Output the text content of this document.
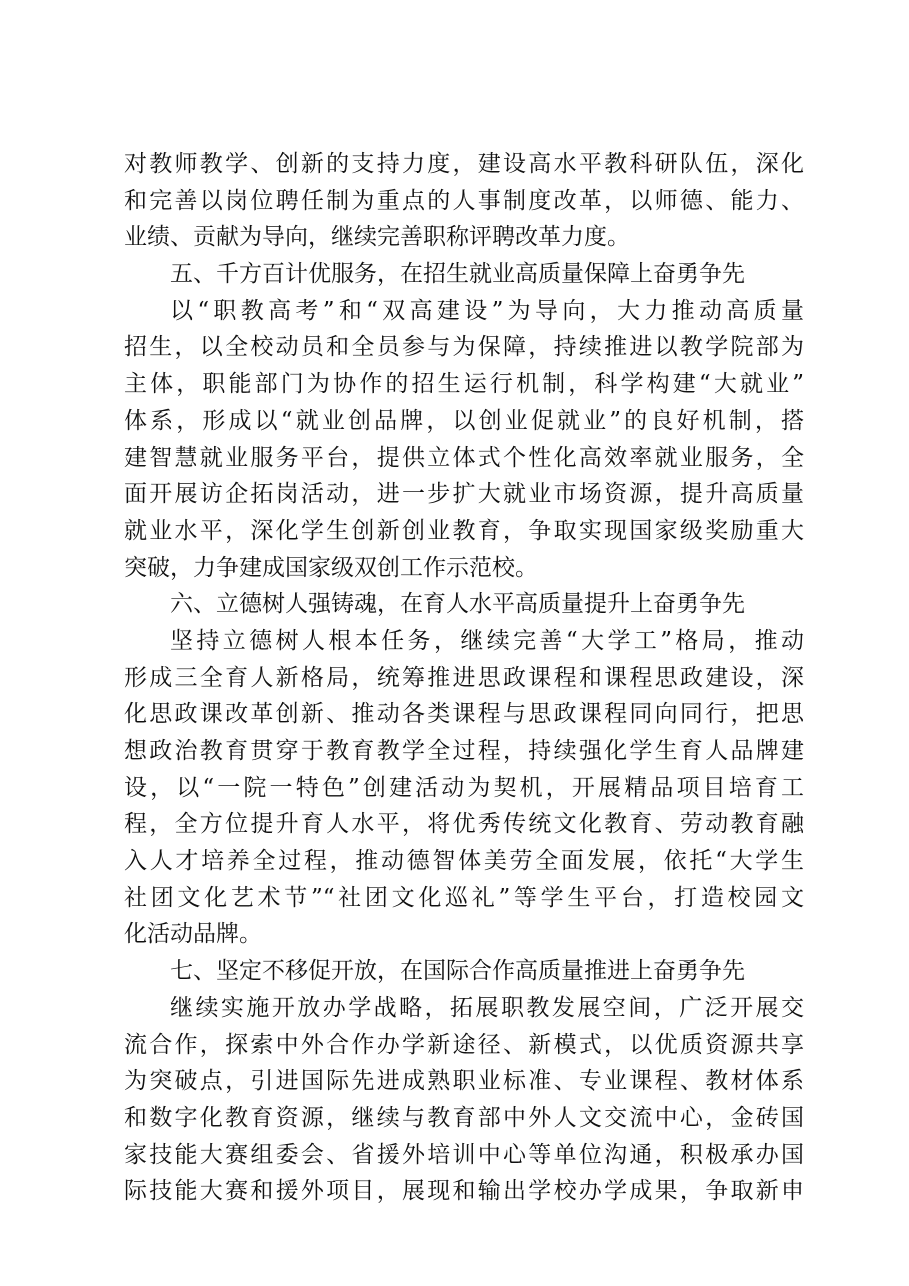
对教师教学、创新的支持力度，建设高水平教科研队伍，深化
和完善以岗位聘任制为重点的人事制度改革，以师德、能力、
业绩、贡献为导向，继续完善职称评聘改革力度。
五、千方百计优服务，在招生就业高质量保障上奋勇争先
以“职教高考”和“双高建设”为导向，大力推动高质量
招生，以全校动员和全员参与为保障，持续推进以教学院部为
主体，职能部门为协作的招生运行机制，科学构建“大就业”
体系，形成以“就业创品牌，以创业促就业”的良好机制，搭
建智慧就业服务平台，提供立体式个性化高效率就业服务，全
面开展访企拓岗活动，进一步扩大就业市场资源，提升高质量
就业水平，深化学生创新创业教育，争取实现国家级奖励重大
突破，力争建成国家级双创工作示范校。
六、立德树人强铸魂，在育人水平高质量提升上奋勇争先
坚持立德树人根本任务，继续完善“大学工”格局，推动
形成三全育人新格局，统筹推进思政课程和课程思政建设，深
化思政课改革创新、推动各类课程与思政课程同向同行，把思
想政治教育贯穿于教育教学全过程，持续强化学生育人品牌建
设，以“一院一特色”创建活动为契机，开展精品项目培育工
程，全方位提升育人水平，将优秀传统文化教育、劳动教育融
入人才培养全过程，推动德智体美劳全面发展，依托“大学生
社团文化艺术节”“社团文化巡礼”等学生平台，打造校园文
化活动品牌。
七、坚定不移促开放，在国际合作高质量推进上奋勇争先
继续实施开放办学战略，拓展职教发展空间，广泛开展交
流合作，探索中外合作办学新途径、新模式，以优质资源共享
为突破点，引进国际先进成熟职业标准、专业课程、教材体系
和数字化教育资源，继续与教育部中外人文交流中心，金砖国
家技能大赛组委会、省援外培训中心等单位沟通，积极承办国
际技能大赛和援外项目，展现和输出学校办学成果，争取新申
